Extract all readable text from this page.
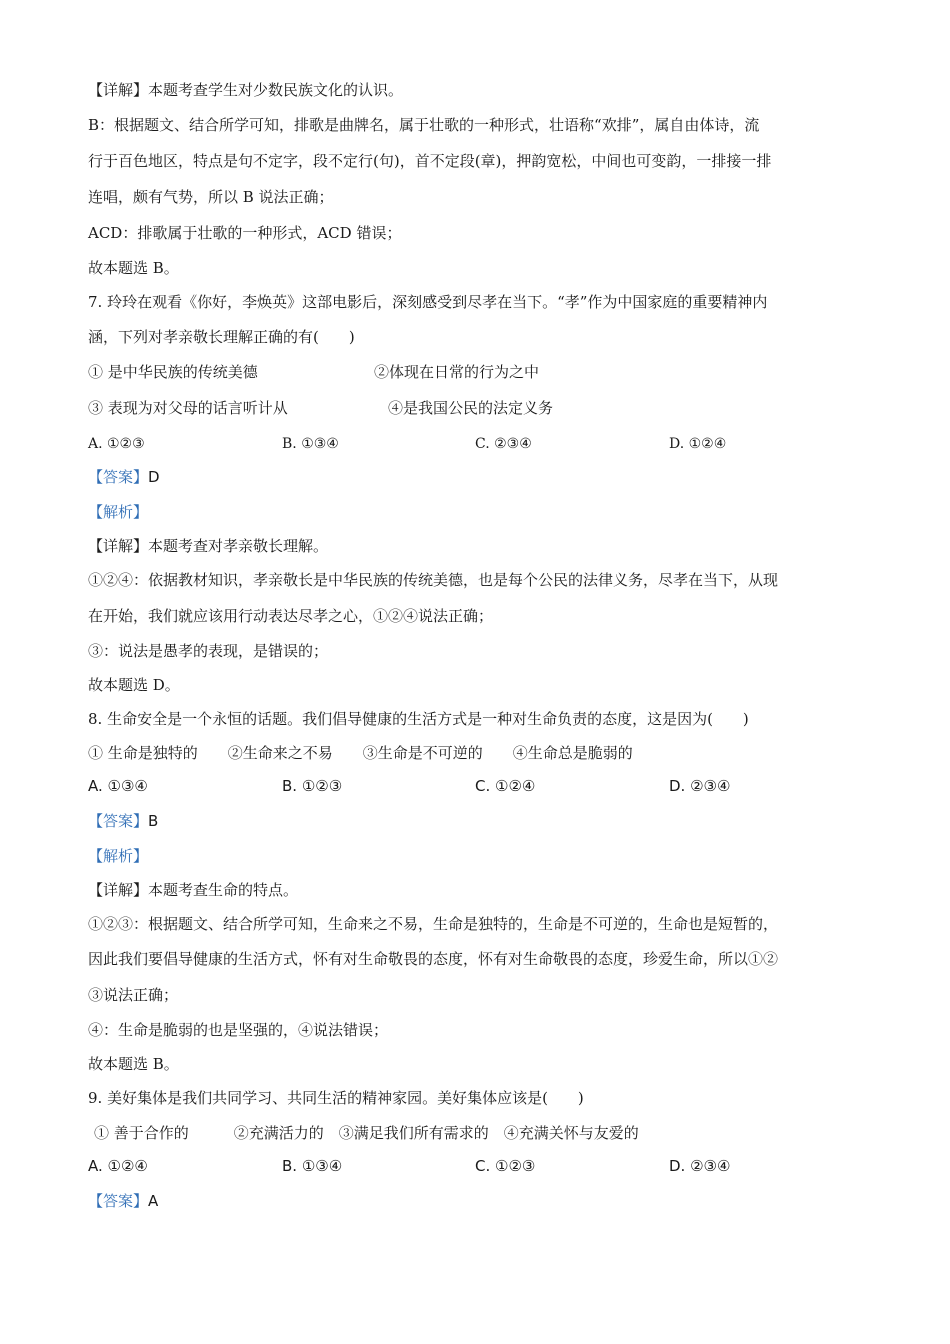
【详解】本题考查学生对少数民族文化的认识。
B：根据题文、结合所学可知，排歌是曲牌名，属于壮歌的一种形式，壮语称“欢排”，属自由体诗，流
行于百色地区，特点是句不定字，段不定行(句)，首不定段(章)，押韵宽松，中间也可变韵，一排接一排
连唱，颇有气势，所以 B 说法正确；
ACD：排歌属于壮歌的一种形式，ACD 错误；
故本题选 B。
7. 玲玲在观看《你好，李焕英》这部电影后，深刻感受到尽孝在当下。“孝”作为中国家庭的重要精神内
涵，下列对孝亲敬长理解正确的有(　　)
① 是中华民族的传统美德	②体现在日常的行为之中
③ 表现为对父母的话言听计从	④是我国公民的法定义务
A. ①②③	B. ①③④	C. ②③④	D. ①②④
【答案】D
【解析】
【详解】本题考查对孝亲敬长理解。
①②④：依据教材知识，孝亲敬长是中华民族的传统美德，也是每个公民的法律义务，尽孝在当下，从现
在开始，我们就应该用行动表达尽孝之心，①②④说法正确；
③：说法是愚孝的表现，是错误的；
故本题选 D。
8. 生命安全是一个永恒的话题。我们倡导健康的生活方式是一种对生命负责的态度，这是因为(　　)
① 生命是独特的　　②生命来之不易　　③生命是不可逆的　　④生命总是脆弱的
A. ①③④	B. ①②③	C. ①②④	D. ②③④
【答案】B
【解析】
【详解】本题考查生命的特点。
①②③：根据题文、结合所学可知，生命来之不易，生命是独特的，生命是不可逆的，生命也是短暂的，
因此我们要倡导健康的生活方式，怀有对生命敬畏的态度，怀有对生命敬畏的态度，珍爱生命，所以①②
③说法正确；
④：生命是脆弱的也是坚强的，④说法错误；
故本题选 B。
9. 美好集体是我们共同学习、共同生活的精神家园。美好集体应该是(　　)
① 善于合作的　　　②充满活力的　③满足我们所有需求的　④充满关怀与友爱的
A. ①②④	B. ①③④	C. ①②③	D. ②③④
【答案】A
